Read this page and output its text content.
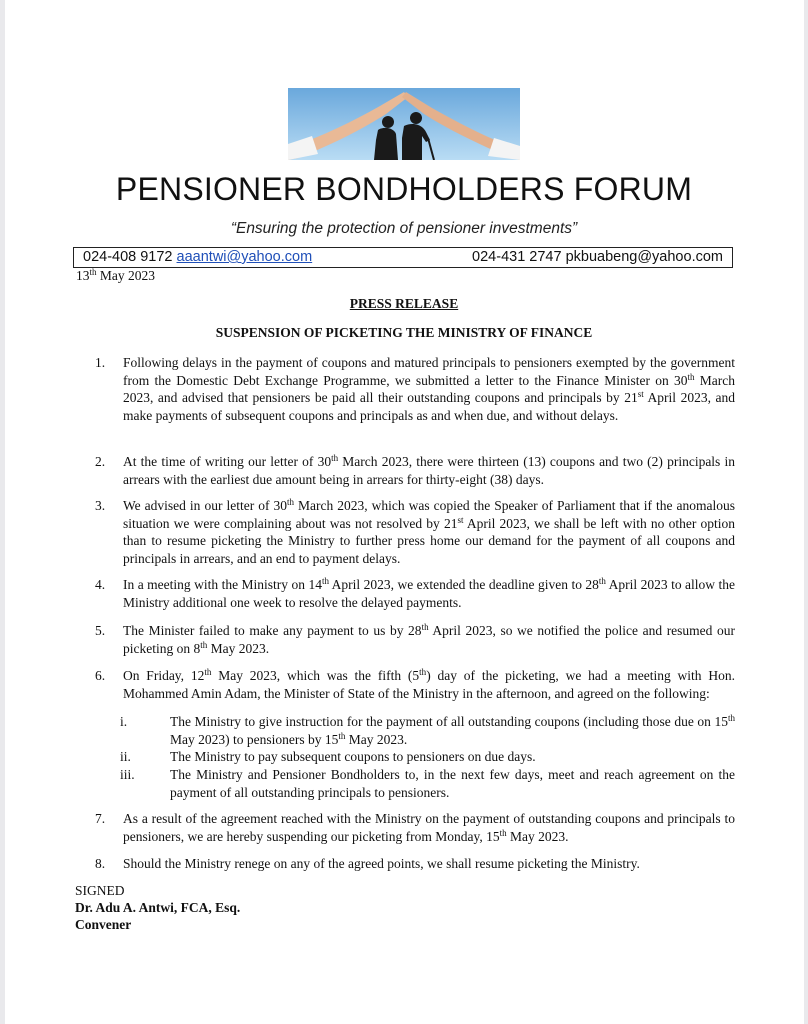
PENSIONER BONDHOLDERS FORUM
“Ensuring the protection of pensioner investments”
024-408 9172 aaantwi@yahoo.com	024-431 2747 pkbuabeng@yahoo.com
13th May 2023
PRESS RELEASE
SUSPENSION OF PICKETING THE MINISTRY OF FINANCE
1.	Following delays in the payment of coupons and matured principals to pensioners exempted by the government from the Domestic Debt Exchange Programme, we submitted a letter to the Finance Minister on 30th March 2023, and advised that pensioners be paid all their outstanding coupons and principals by 21st April 2023, and make payments of subsequent coupons and principals as and when due, and without delays.
2.	At the time of writing our letter of 30th March 2023, there were thirteen (13) coupons and two (2) principals in arrears with the earliest due amount being in arrears for thirty-eight (38) days.
3.	We advised in our letter of 30th March 2023, which was copied the Speaker of Parliament that if the anomalous situation we were complaining about was not resolved by 21st April 2023, we shall be left with no other option than to resume picketing the Ministry to further press home our demand for the payment of all coupons and principals in arrears, and an end to payment delays.
4.	In a meeting with the Ministry on 14th April 2023, we extended the deadline given to 28th April 2023 to allow the Ministry additional one week to resolve the delayed payments.
5.	The Minister failed to make any payment to us by 28th April 2023, so we notified the police and resumed our picketing on 8th May 2023.
6.	On Friday, 12th May 2023, which was the fifth (5th) day of the picketing, we had a meeting with Hon. Mohammed Amin Adam, the Minister of State of the Ministry in the afternoon, and agreed on the following:
i.	The Ministry to give instruction for the payment of all outstanding coupons (including those due on 15th May 2023) to pensioners by 15th May 2023.
ii.	The Ministry to pay subsequent coupons to pensioners on due days.
iii.	The Ministry and Pensioner Bondholders to, in the next few days, meet and reach agreement on the payment of all outstanding principals to pensioners.
7.	As a result of the agreement reached with the Ministry on the payment of outstanding coupons and principals to pensioners, we are hereby suspending our picketing from Monday, 15th May 2023.
8.	Should the Ministry renege on any of the agreed points, we shall resume picketing the Ministry.
SIGNED
Dr. Adu A. Antwi, FCA, Esq.
Convener
